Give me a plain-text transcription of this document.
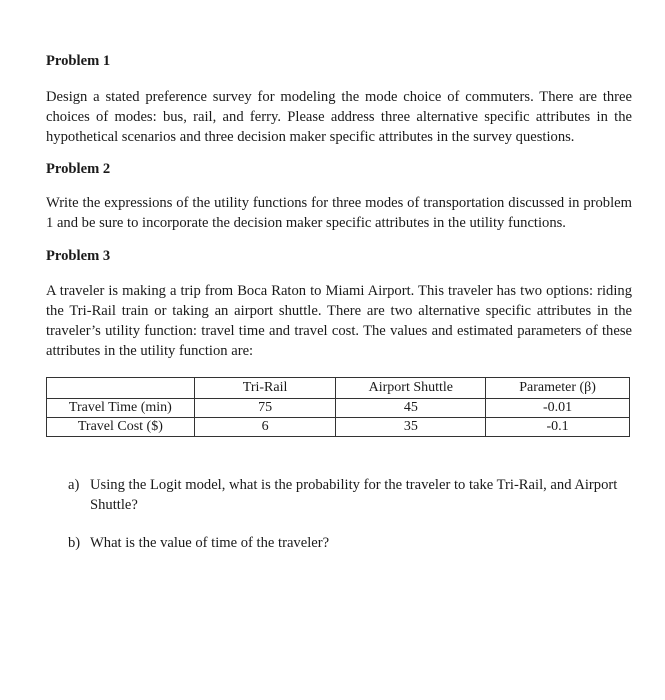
Problem 1

Design a stated preference survey for modeling the mode choice of commuters. There are three choices of modes: bus, rail, and ferry. Please address three alternative specific attributes in the hypothetical scenarios and three decision maker specific attributes in the survey questions.

Problem 2

Write the expressions of the utility functions for three modes of transportation discussed in problem 1 and be sure to incorporate the decision maker specific attributes in the utility functions.

Problem 3

A traveler is making a trip from Boca Raton to Miami Airport. This traveler has two options: riding the Tri-Rail train or taking an airport shuttle. There are two alternative specific attributes in the traveler’s utility function: travel time and travel cost. The values and estimated parameters of these attributes in the utility function are:

	Tri-Rail	Airport Shuttle	Parameter (β)
Travel Time (min)	75	45	-0.01
Travel Cost ($)	6	35	-0.1
a) Using the Logit model, what is the probability for the traveler to take Tri-Rail, and Airport Shuttle?
b) What is the value of time of the traveler?
